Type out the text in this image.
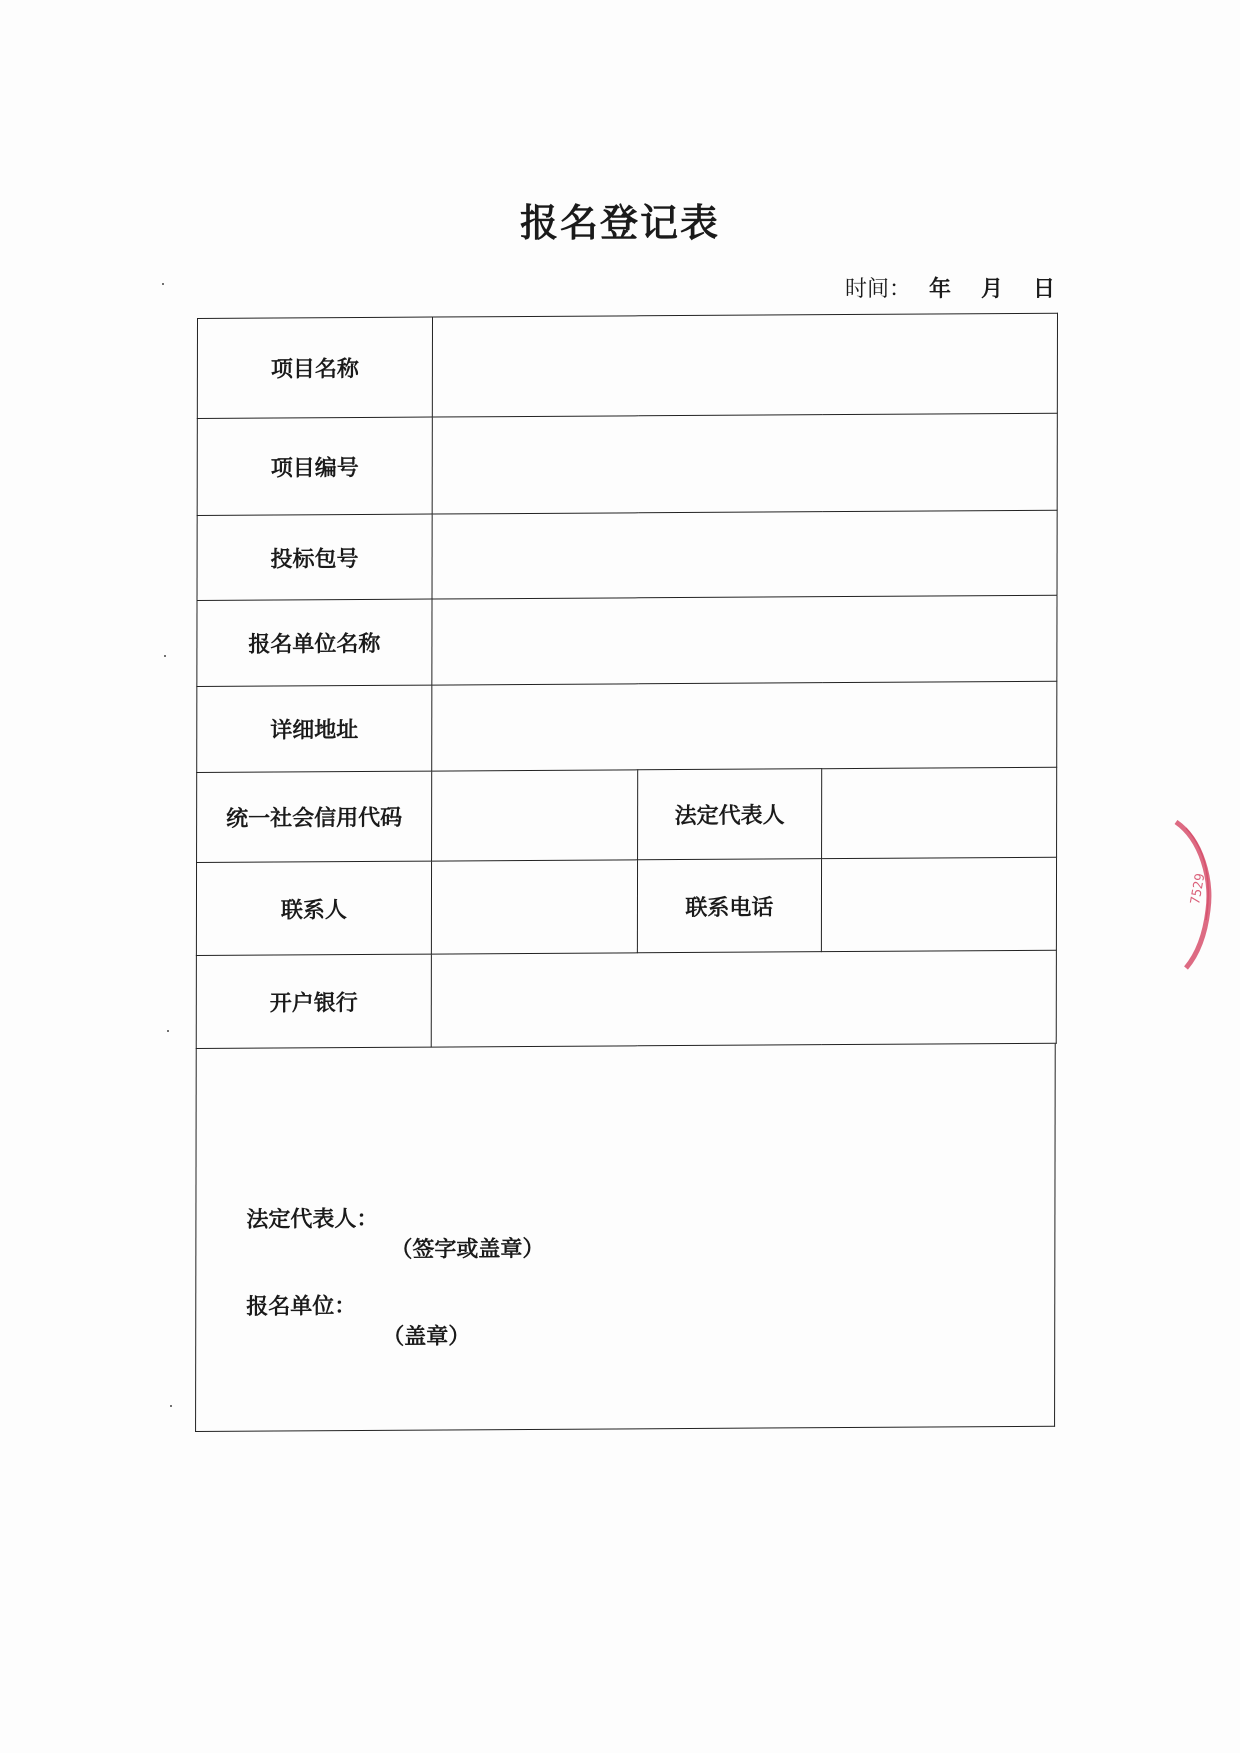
报名登记表
时间： 年 月 日
项目名称			
项目编号			
投标包号			
报名单位名称			
详细地址			
统一社会信用代码		法定代表人	
联系人		联系电话	
开户银行			

法定代表人：

（签字或盖章）

报名单位：

（盖章）

7529
